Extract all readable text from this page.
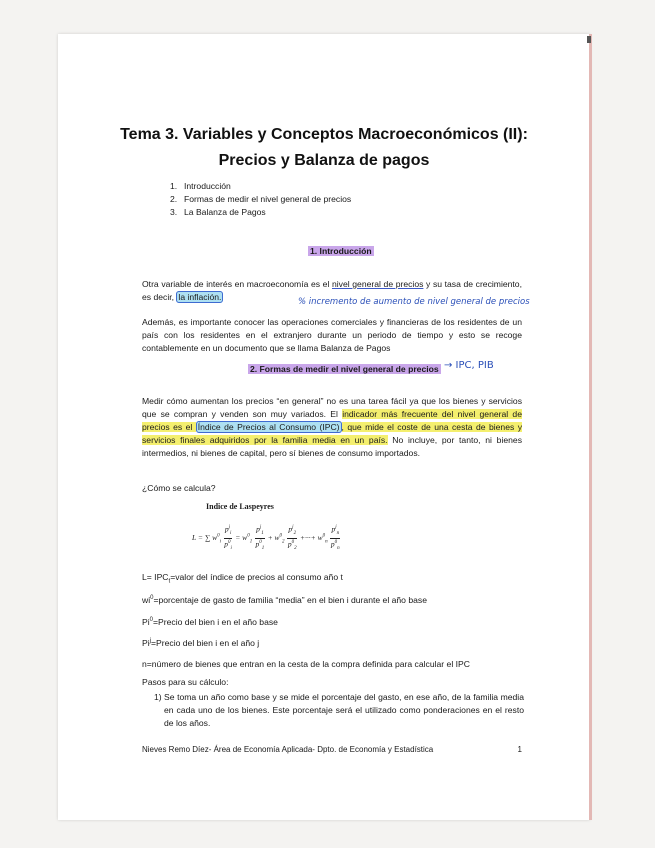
Tema 3. Variables y Conceptos Macroeconómicos (II):
Precios y Balanza de pagos
1. Introducción
2. Formas de medir el nivel general de precios
3. La Balanza de Pagos
1. Introducción
Otra variable de interés en macroeconomía es el nivel general de precios y su tasa de crecimiento, es decir, la inflación.	% incremento de aumento de nivel general de precios
Además, es importante conocer las operaciones comerciales y financieras de los residentes de un país con los residentes en el extranjero durante un periodo de tiempo y esto se recoge contablemente en un documento que se llama Balanza de Pagos
2. Formas de medir el nivel general de precios → IPC, PIB
Medir cómo aumentan los precios “en general” no es una tarea fácil ya que los bienes y servicios que se compran y venden son muy variados. El indicador más frecuente del nivel general de precios es el Índice de Precios al Consumo (IPC) , que mide el coste de una cesta de bienes y servicios finales adquiridos por la familia media en un país. No incluye, por tanto, ni bienes intermedios, ni bienes de capital, pero sí bienes de consumo importados.
¿Cómo se calcula?
Indice de Laspeyres
L = ∑ $w^0_i \frac{p^j_i}{p^0_i} = w^0_1 \frac{p^j_1}{p^0_1} + w^0_2 \frac{p^j_2}{p^0_2}$ +···+ $w^0_n \frac{p^j_n}{p^0_n}$
$L= IPC_t=valor$ del índice de precios al consumo año t
$wi^0=porcentaje$ de gasto de familia “media” en el bien i durante el año base
$Pi^0=Precio$ del bien i en el año base
$Pi^j=Precio$ del bien i en el año j
n=número de bienes que entran en la cesta de la compra definida para calcular el IPC
Pasos para su cálculo:
1) Se toma un año como base y se mide el porcentaje del gasto, en ese año, de la familia media en cada uno de los bienes. Este porcentaje será el utilizado como ponderaciones en el resto de los años.
Nieves Remo Díez- Área de Economía Aplicada- Dpto. de Economía y Estadística	1
